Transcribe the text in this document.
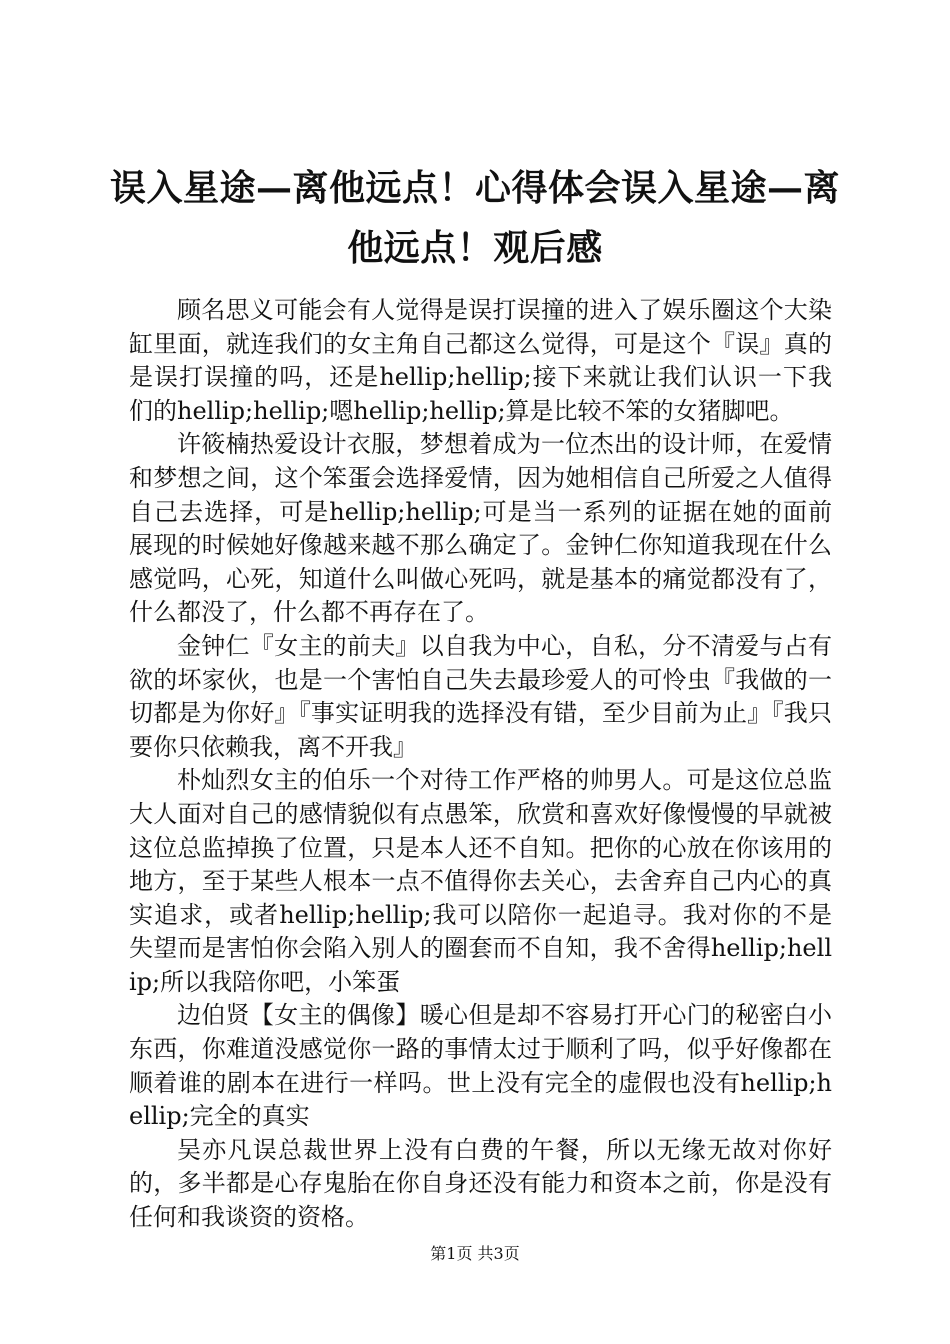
误入星途—离他远点！心得体会误入星途—离他远点！观后感

顾名思义可能会有人觉得是误打误撞的进入了娱乐圈这个大染缸里面，就连我们的女主角自己都这么觉得，可是这个『误』真的是误打误撞的吗，还是hellip;hellip;接下来就让我们认识一下我们的hellip;hellip;嗯hellip;hellip;算是比较不笨的女猪脚吧。

许筱楠热爱设计衣服，梦想着成为一位杰出的设计师，在爱情和梦想之间，这个笨蛋会选择爱情，因为她相信自己所爱之人值得自己去选择，可是hellip;hellip;可是当一系列的证据在她的面前展现的时候她好像越来越不那么确定了。金钟仁你知道我现在什么感觉吗，心死，知道什么叫做心死吗，就是基本的痛觉都没有了，什么都没了，什么都不再存在了。

金钟仁『女主的前夫』以自我为中心，自私，分不清爱与占有欲的坏家伙，也是一个害怕自己失去最珍爱人的可怜虫『我做的一切都是为你好』『事实证明我的选择没有错，至少目前为止』『我只要你只依赖我，离不开我』

朴灿烈女主的伯乐一个对待工作严格的帅男人。可是这位总监大人面对自己的感情貌似有点愚笨，欣赏和喜欢好像慢慢的早就被这位总监掉换了位置，只是本人还不自知。把你的心放在你该用的地方，至于某些人根本一点不值得你去关心，去舍弃自己内心的真实追求，或者hellip;hellip;我可以陪你一起追寻。我对你的不是失望而是害怕你会陷入别人的圈套而不自知，我不舍得hellip;hellip;所以我陪你吧，小笨蛋

边伯贤【女主的偶像】暖心但是却不容易打开心门的秘密白小东西，你难道没感觉你一路的事情太过于顺利了吗，似乎好像都在顺着谁的剧本在进行一样吗。世上没有完全的虚假也没有hellip;hellip;完全的真实

吴亦凡误总裁世界上没有白费的午餐，所以无缘无故对你好的，多半都是心存鬼胎在你自身还没有能力和资本之前，你是没有任何和我谈资的资格。

第1页 共3页
